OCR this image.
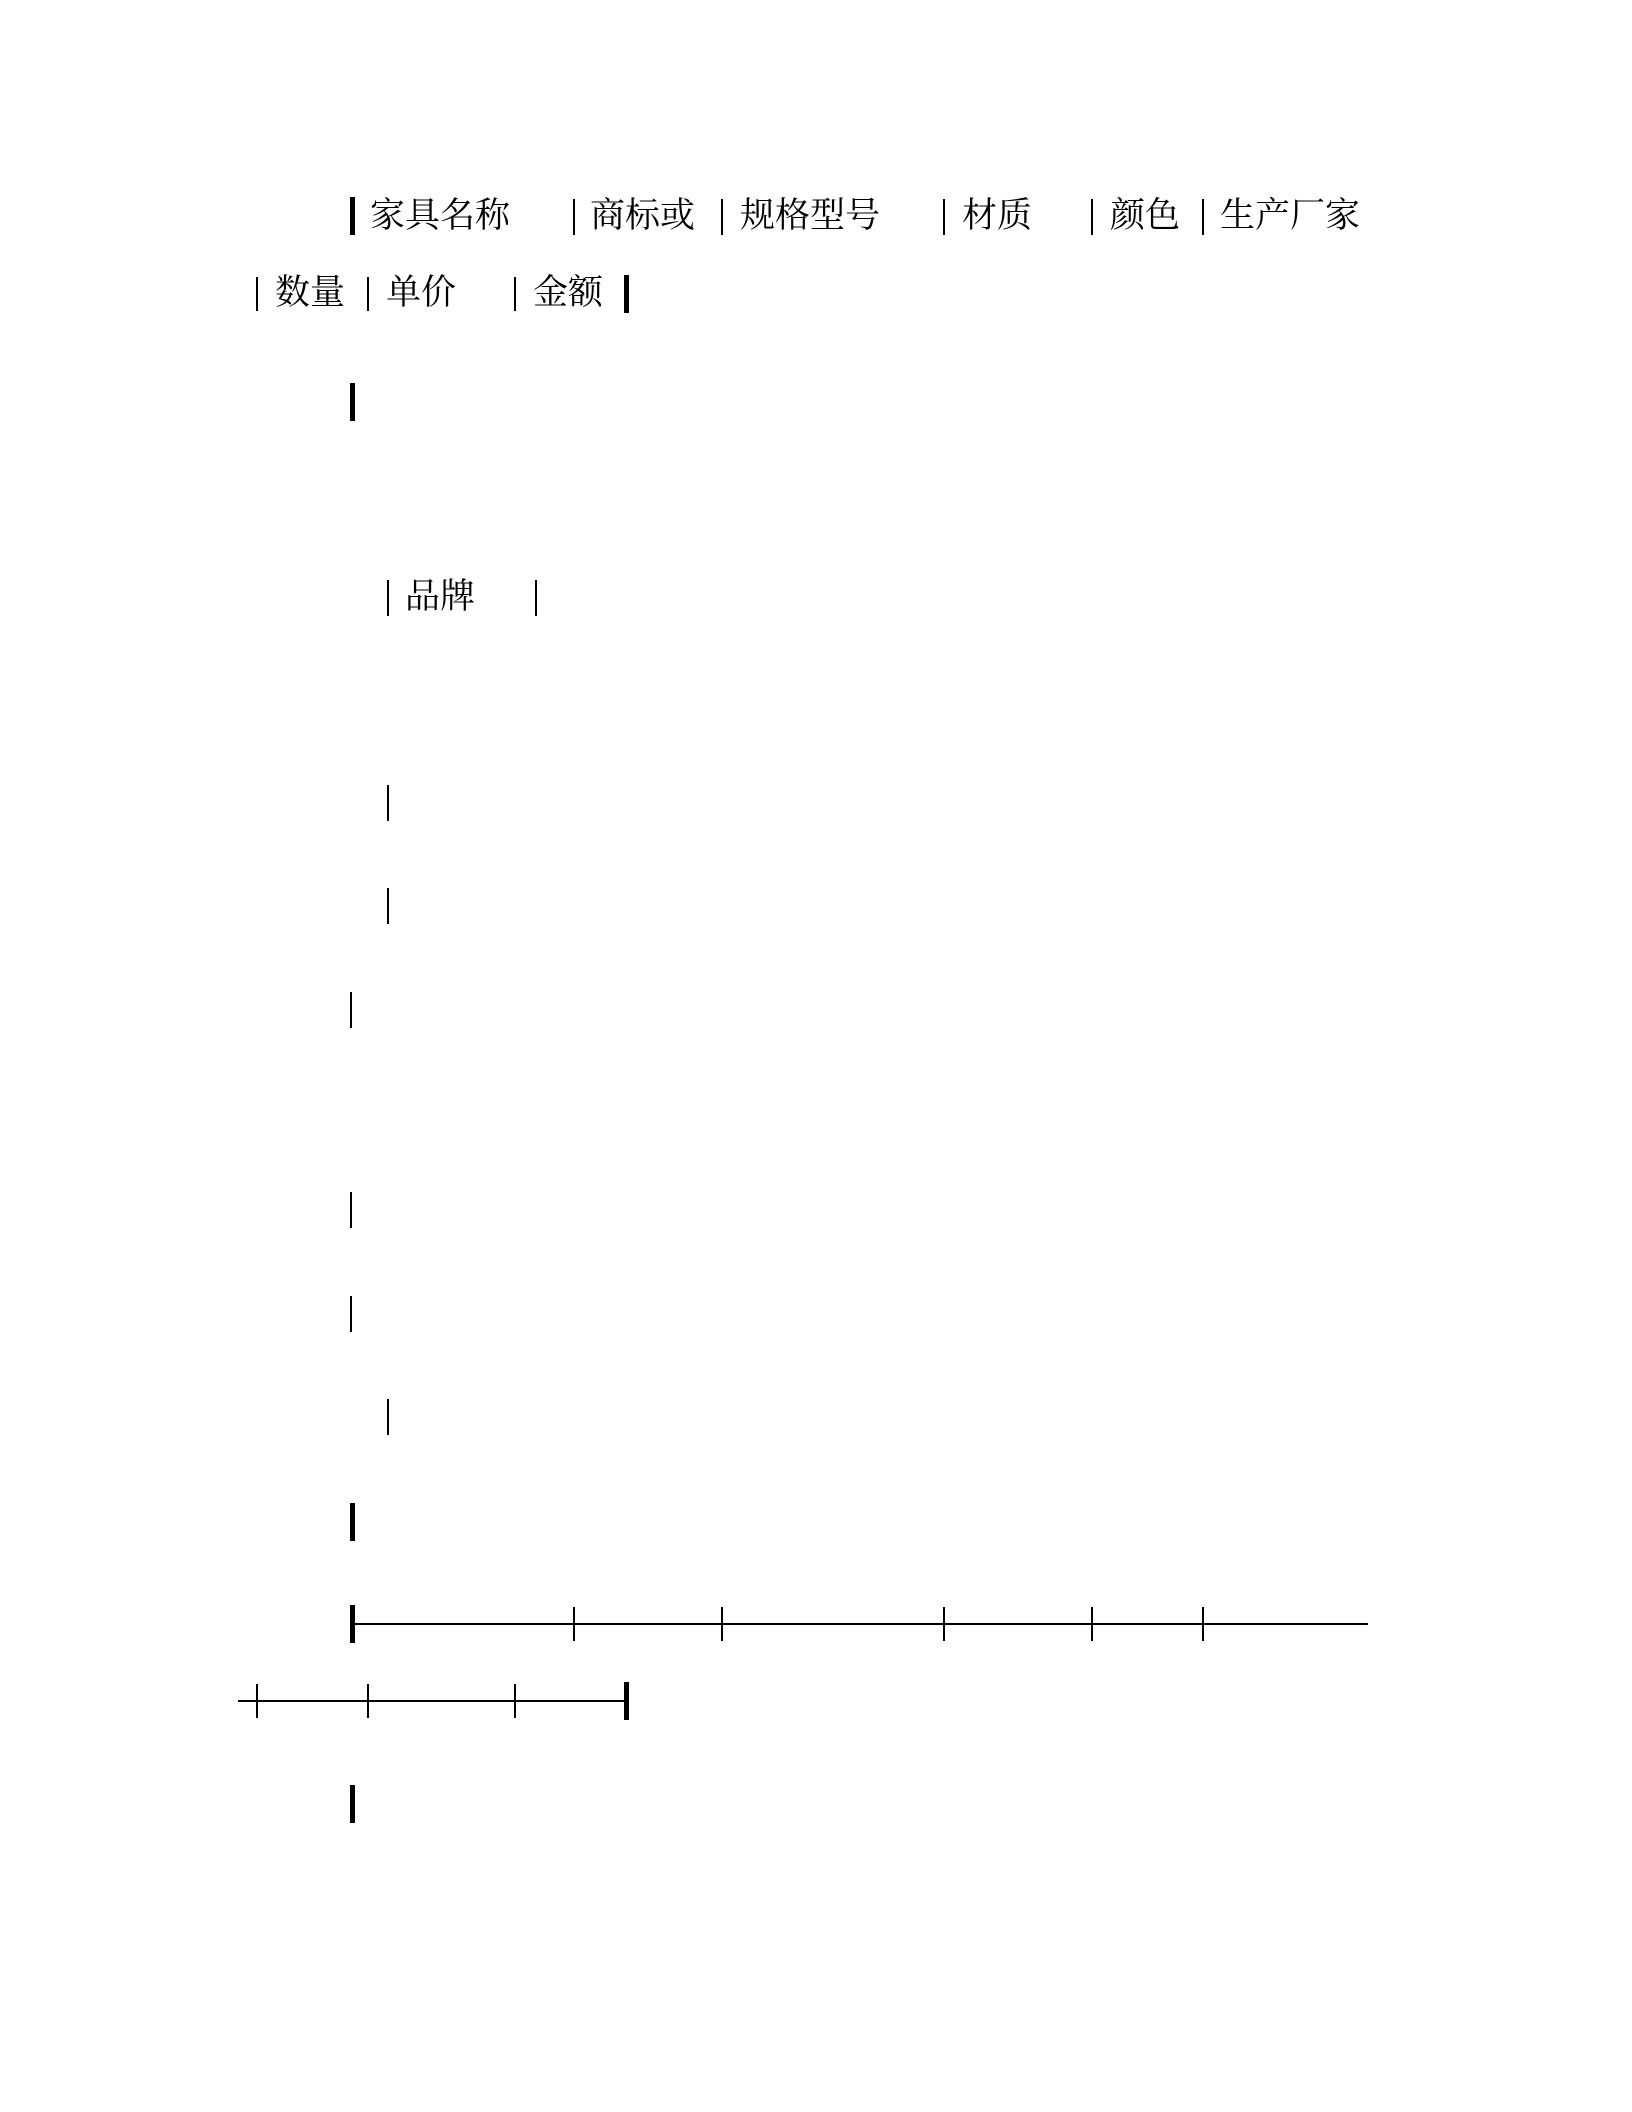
家具名称 商标或 规格型号 材质 颜色 生产厂家
数量 单价 金额
品牌
